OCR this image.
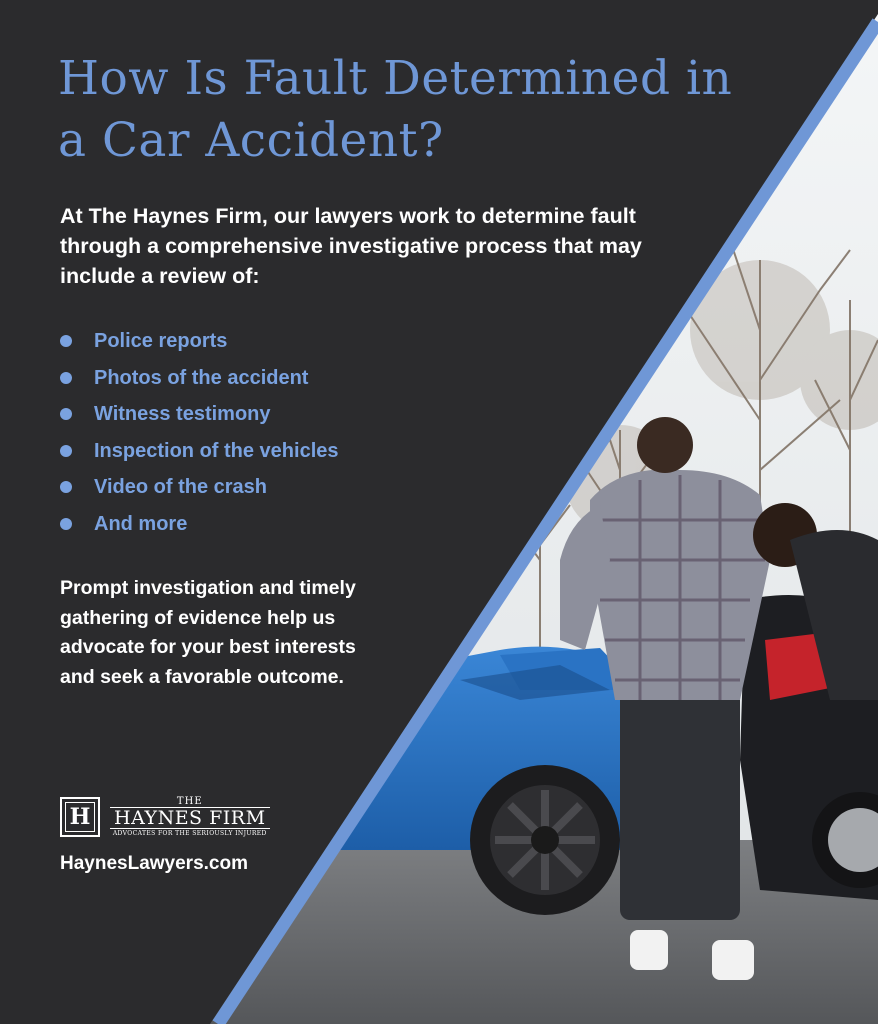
How Is Fault Determined in a Car Accident?

At The Haynes Firm, our lawyers work to determine fault through a comprehensive investigative process that may include a review of:

Police reports
Photos of the accident
Witness testimony
Inspection of the vehicles
Video of the crash
And more

Prompt investigation and timely gathering of evidence help us advocate for your best interests and seek a favorable outcome.

H
THE
HAYNES FIRM
ADVOCATES FOR THE SERIOUSLY INJURED

HaynesLawyers.com
